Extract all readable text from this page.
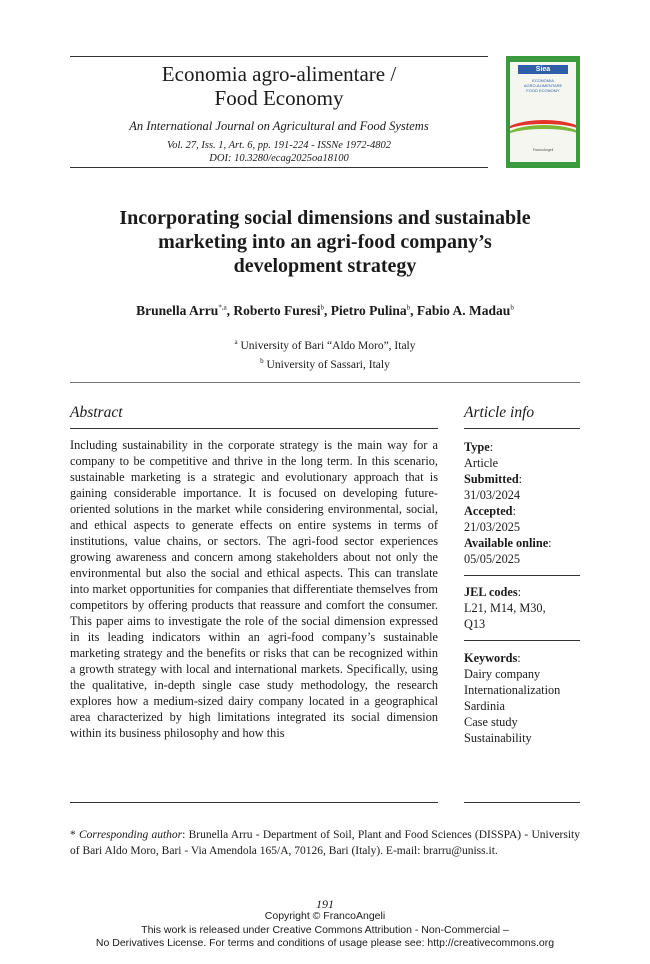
Economia agro-alimentare /
Food Economy
An International Journal on Agricultural and Food Systems
Vol. 27, Iss. 1, Art. 6, pp. 191-224 - ISSNe 1972-4802
DOI: 10.3280/ecag2025oa18100
Siea
ECONOMIA
AGRO-ALIMENTARE
FOOD ECONOMY
FrancoAngeli
Incorporating social dimensions and sustainable
marketing into an agri-food company’s
development strategy
Brunella Arru$^{*,a}$, Roberto Furesi$^b$, Pietro Pulina$^b$, Fabio A. Madau$^b$
$^a$ University of Bari “Aldo Moro”, Italy
$^b$ University of Sassari, Italy
Abstract
Including sustainability in the corporate strategy is the main way for a company to be competitive and thrive in the long term. In this scenario, sustainable marketing is a strategic and evolutionary approach that is gaining considerable importance. It is focused on developing future-oriented solutions in the market while considering environmental, social, and ethical aspects to generate effects on entire systems in terms of institutions, value chains, or sectors. The agri-food sector experiences growing awareness and concern among stakeholders about not only the environmental but also the social and ethical aspects. This can translate into market opportunities for companies that differentiate themselves from competitors by offering products that reassure and comfort the consumer. This paper aims to investigate the role of the social dimension expressed in its leading indicators within an agri-food company’s sustainable marketing strategy and the benefits or risks that can be recognized within a growth strategy with local and international markets. Specifically, using the qualitative, in-depth single case study methodology, the research explores how a medium-sized dairy company located in a geographical area characterized by high limitations integrated its social dimension within its business philosophy and how this
Article info
Type:
Article
Submitted:
31/03/2024
Accepted:
21/03/2025
Available online:
05/05/2025
JEL codes:
L21, M14, M30,
Q13
Keywords:
Dairy company
Internationalization
Sardinia
Case study
Sustainability
* Corresponding author: Brunella Arru - Department of Soil, Plant and Food Sciences (DISSPA) - University of Bari Aldo Moro, Bari - Via Amendola 165/A, 70126, Bari (Italy). E-mail: brarru@uniss.it.
191
Copyright © FrancoAngeli
This work is released under Creative Commons Attribution - Non-Commercial –
No Derivatives License. For terms and conditions of usage please see: http://creativecommons.org
